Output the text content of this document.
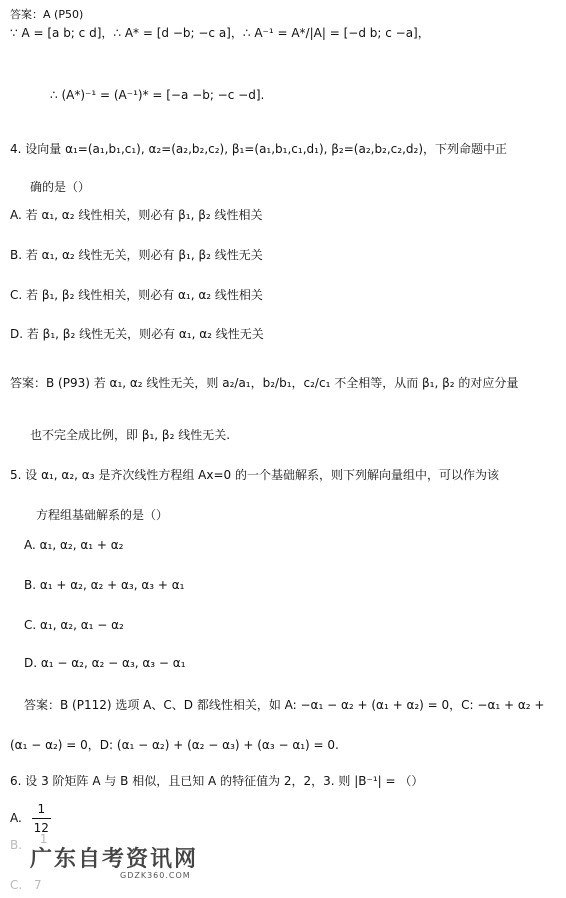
∵ A = [a b; c d]，∴ A* = [d −b; −c a]，∴ A⁻¹ = A*/|A| = [−d b; c −a]，
答案：A (P50)
∴ (A*)⁻¹ = (A⁻¹)* = [−a −b; −c −d].
4. 设向量 α₁=(a₁,b₁,c₁), α₂=(a₂,b₂,c₂), β₁=(a₁,b₁,c₁,d₁), β₂=(a₂,b₂,c₂,d₂)，下列命题中正
确的是（）
A. 若 α₁, α₂ 线性相关，则必有 β₁, β₂ 线性相关
B. 若 α₁, α₂ 线性无关，则必有 β₁, β₂ 线性无关
C. 若 β₁, β₂ 线性相关，则必有 α₁, α₂ 线性相关
D. 若 β₁, β₂ 线性无关，则必有 α₁, α₂ 线性无关
答案：B (P93) 若 α₁, α₂ 线性无关，则 a₂/a₁，b₂/b₁，c₂/c₁ 不全相等，从而 β₁, β₂ 的对应分量
也不完全成比例，即 β₁, β₂ 线性无关.
5. 设 α₁, α₂, α₃ 是齐次线性方程组 Ax=0 的一个基础解系，则下列解向量组中，可以作为该
方程组基础解系的是（）
A. α₁, α₂, α₁ + α₂
B. α₁ + α₂, α₂ + α₃, α₃ + α₁
C. α₁, α₂, α₁ − α₂
D. α₁ − α₂, α₂ − α₃, α₃ − α₁
答案：B (P112) 选项 A、C、D 都线性相关，如 A: −α₁ − α₂ + (α₁ + α₂) = 0，C: −α₁ + α₂ +
(α₁ − α₂) = 0，D: (α₁ − α₂) + (α₂ − α₃) + (α₃ − α₁) = 0.
6. 设 3 阶矩阵 A 与 B 相似，且已知 A 的特征值为 2，2，3. 则 |B⁻¹| = （）
A. $\frac{1}{12}$
B. 1
C. 7
广东自考资讯网
GDZK360.COM
